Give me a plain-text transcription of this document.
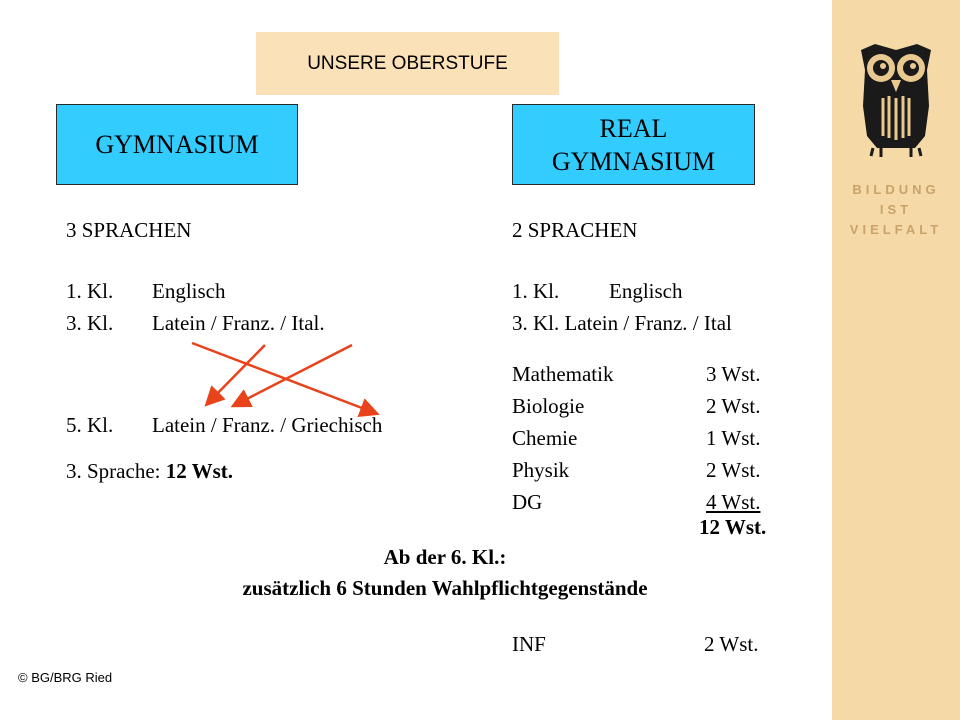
BILDUNG
IST
VIELFALT
UNSERE OBERSTUFE
GYMNASIUM
REAL
GYMNASIUM
3 SPRACHEN
1. Kl. Englisch
3. Kl. Latein / Franz. / Ital.
5. Kl. Latein / Franz. / Griechisch
3. Sprache: 12 Wst.
2 SPRACHEN
1. Kl. Englisch
3. Kl. Latein / Franz. / Ital
Mathematik	3 Wst.
Biologie	2 Wst.
Chemie	1 Wst.
Physik	2 Wst.
DG	4 Wst.
12 Wst.
Ab der 6. Kl.:
zusätzlich 6 Stunden Wahlpflichtgegenstände
INF	2 Wst.
© BG/BRG Ried
